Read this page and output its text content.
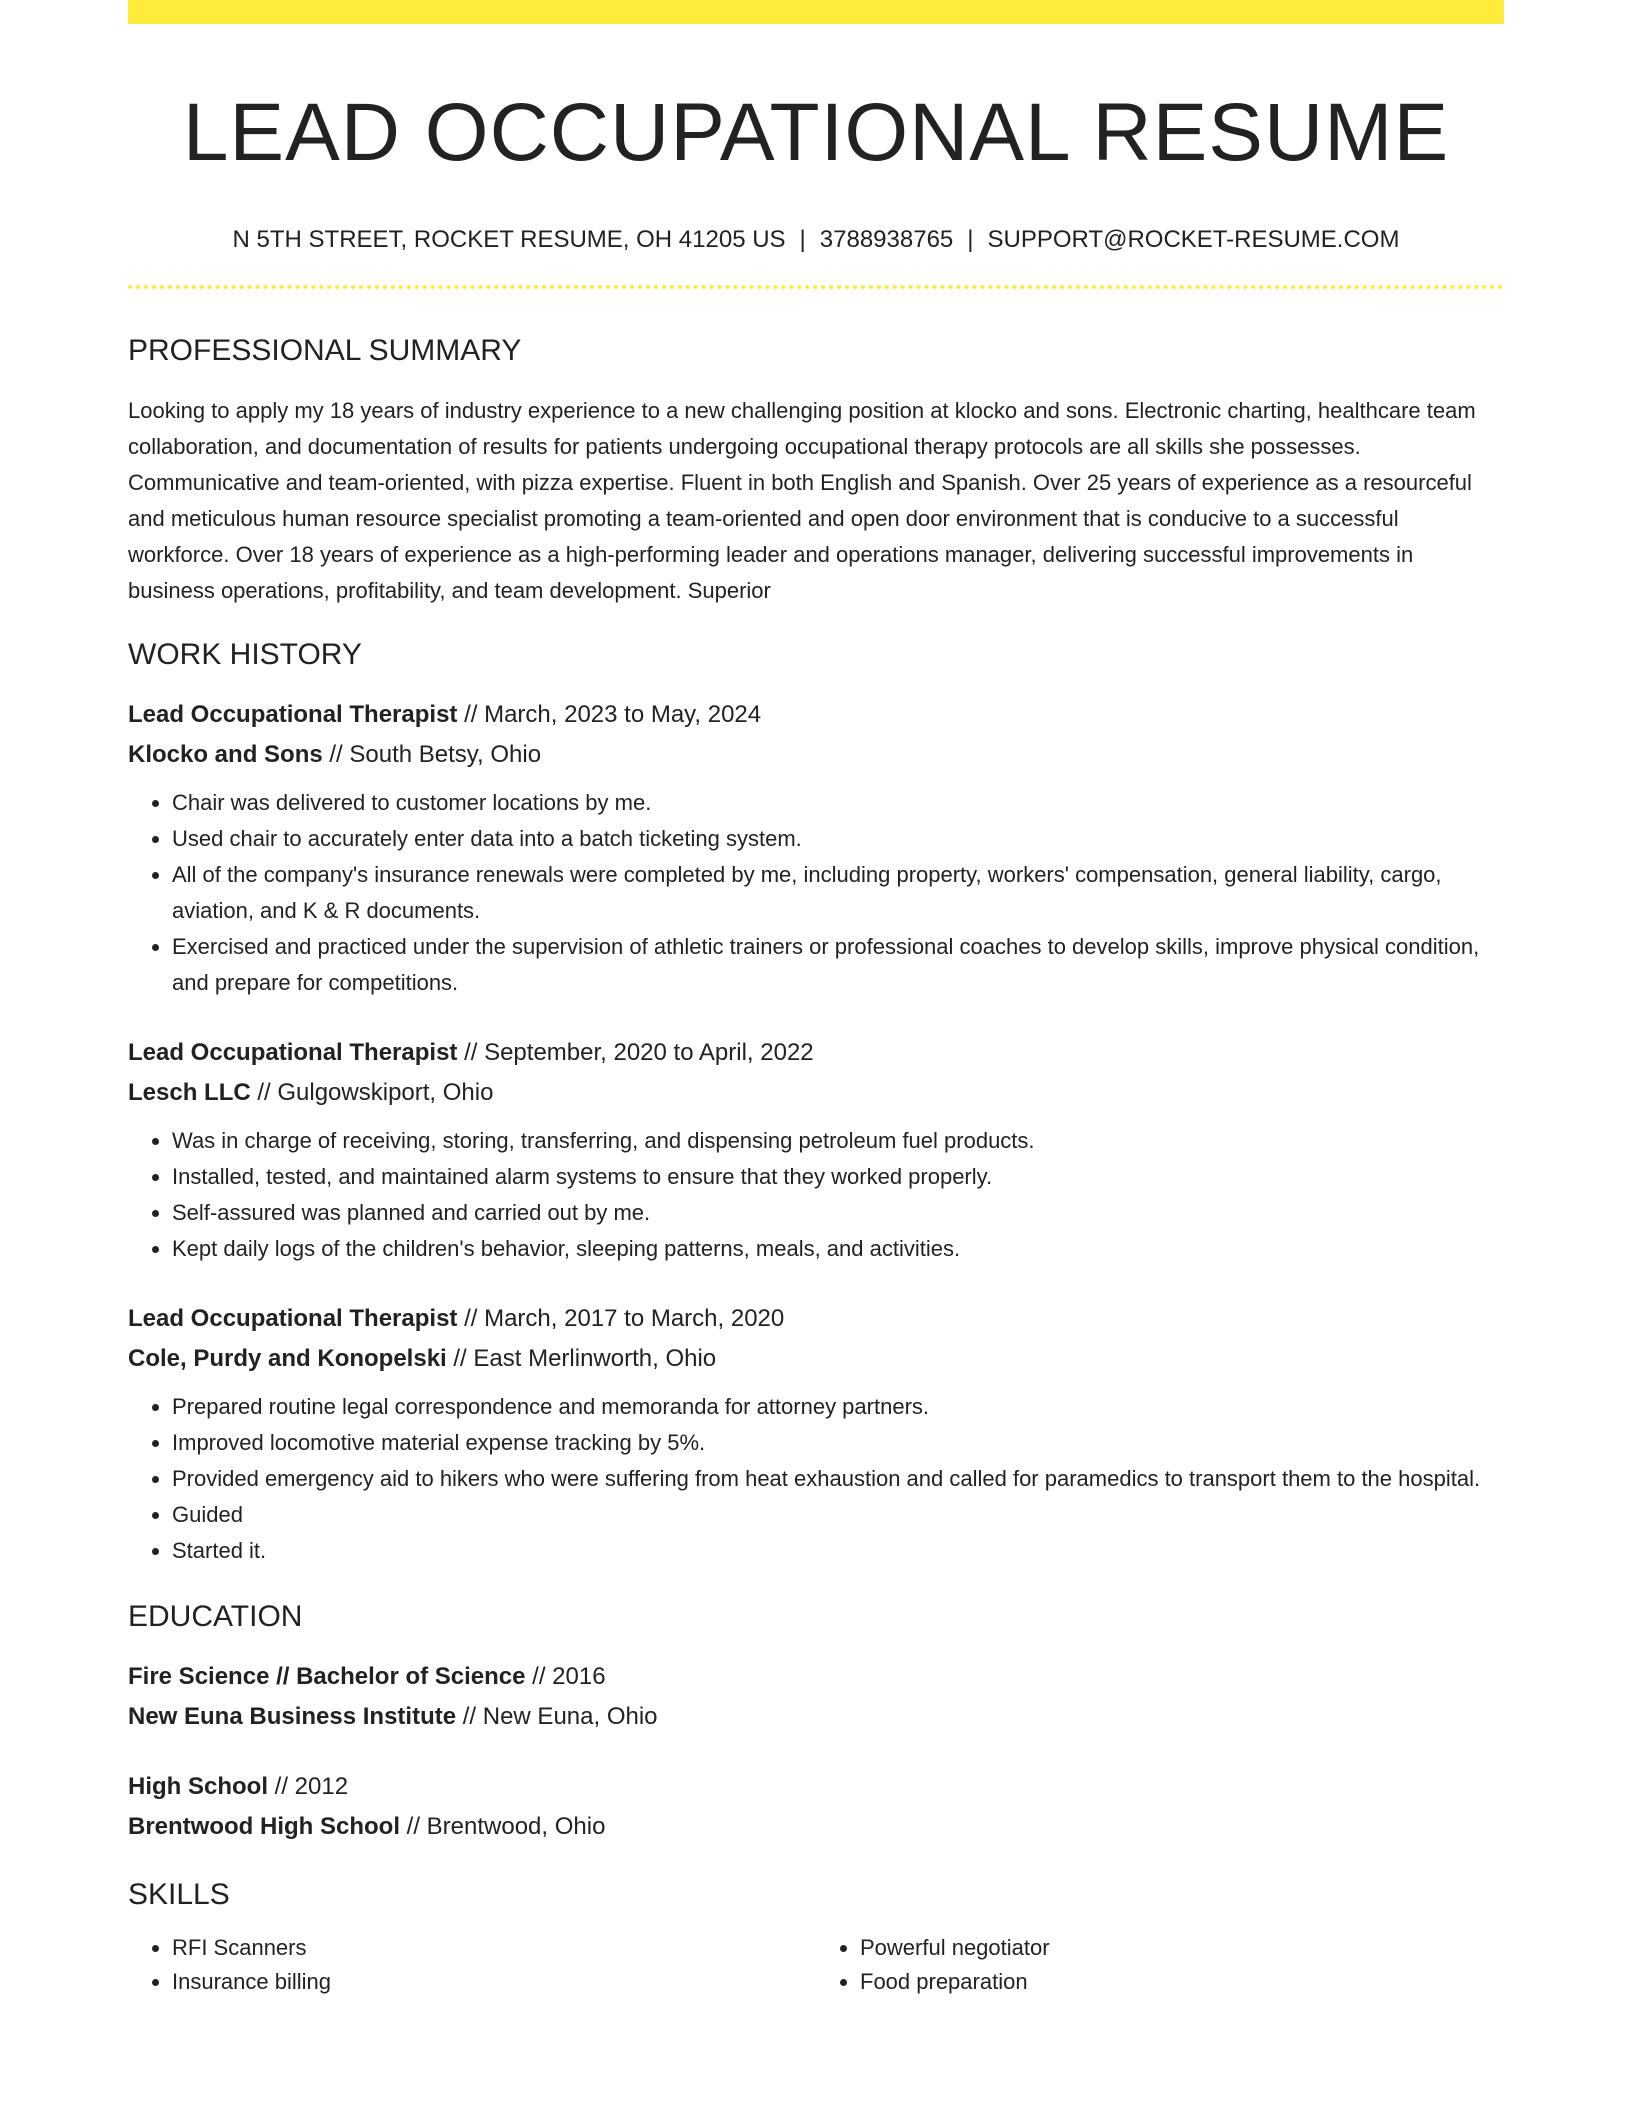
LEAD OCCUPATIONAL RESUME
N 5TH STREET, ROCKET RESUME, OH 41205 US | 3788938765 | SUPPORT@ROCKET-RESUME.COM
PROFESSIONAL SUMMARY

Looking to apply my 18 years of industry experience to a new challenging position at klocko and sons. Electronic charting, healthcare team collaboration, and documentation of results for patients undergoing occupational therapy protocols are all skills she possesses. Communicative and team-oriented, with pizza expertise. Fluent in both English and Spanish. Over 25 years of experience as a resourceful and meticulous human resource specialist promoting a team-oriented and open door environment that is conducive to a successful workforce. Over 18 years of experience as a high-performing leader and operations manager, delivering successful improvements in business operations, profitability, and team development. Superior

WORK HISTORY
Lead Occupational Therapist // March, 2023 to May, 2024
Klocko and Sons // South Betsy, Ohio
• Chair was delivered to customer locations by me.
• Used chair to accurately enter data into a batch ticketing system.
• All of the company's insurance renewals were completed by me, including property, workers' compensation, general liability, cargo, aviation, and K & R documents.
• Exercised and practiced under the supervision of athletic trainers or professional coaches to develop skills, improve physical condition, and prepare for competitions.
Lead Occupational Therapist // September, 2020 to April, 2022
Lesch LLC // Gulgowskiport, Ohio
• Was in charge of receiving, storing, transferring, and dispensing petroleum fuel products.
• Installed, tested, and maintained alarm systems to ensure that they worked properly.
• Self-assured was planned and carried out by me.
• Kept daily logs of the children's behavior, sleeping patterns, meals, and activities.
Lead Occupational Therapist // March, 2017 to March, 2020
Cole, Purdy and Konopelski // East Merlinworth, Ohio
• Prepared routine legal correspondence and memoranda for attorney partners.
• Improved locomotive material expense tracking by 5%.
• Provided emergency aid to hikers who were suffering from heat exhaustion and called for paramedics to transport them to the hospital.
• Guided
• Started it.
EDUCATION
Fire Science // Bachelor of Science // 2016
New Euna Business Institute // New Euna, Ohio
High School // 2012
Brentwood High School // Brentwood, Ohio
SKILLS
• RFI Scanners
• Insurance billing
• Powerful negotiator
• Food preparation
